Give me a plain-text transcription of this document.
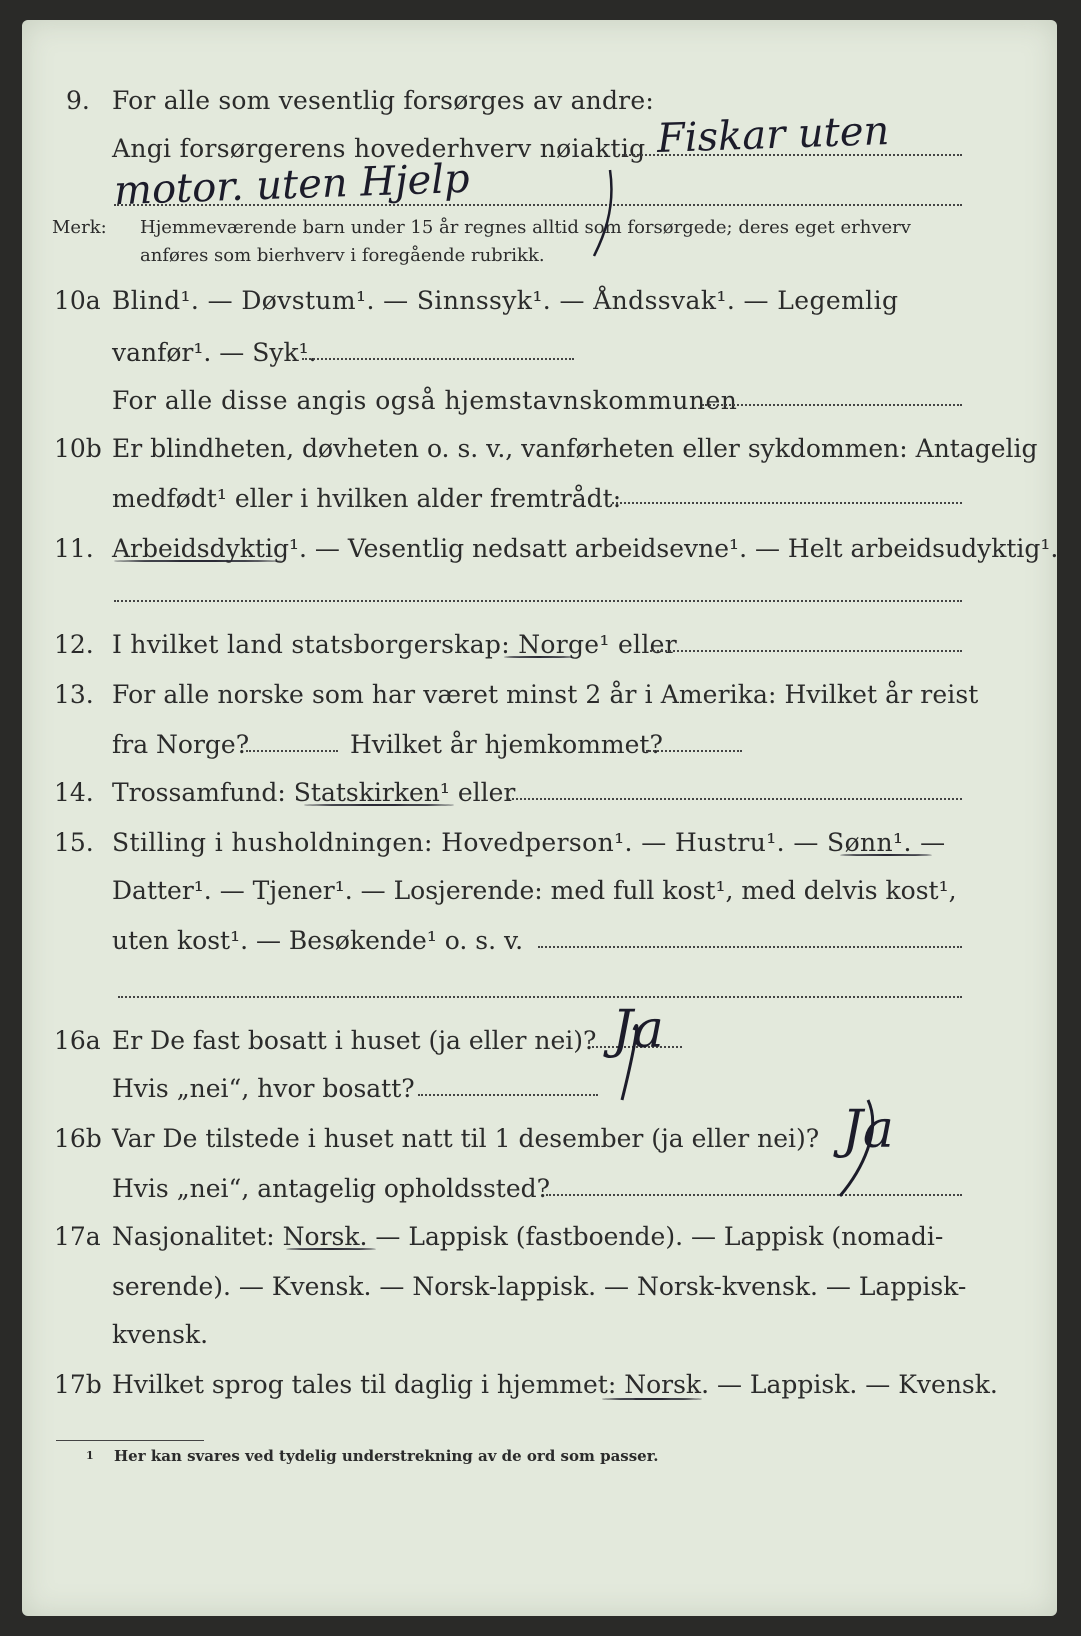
9. For alle som vesentlig forsørges av andre:
Angi forsørgerens hovederhverv nøiaktig Fiskar uten
motor. uten Hjelp
Merk: Hjemmeværende barn under 15 år regnes alltid som forsørgede; deres eget erhverv
anføres som bierhverv i foregående rubrikk.
10a Blind¹. — Døvstum¹. — Sinnssyk¹. — Åndssvak¹. — Legemlig
vanfør¹. — Syk¹.
For alle disse angis også hjemstavnskommunen
10b Er blindheten, døvheten o. s. v., vanførheten eller sykdommen: Antagelig
medfødt¹ eller i hvilken alder fremtrådt:
11. Arbeidsdyktig¹. — Vesentlig nedsatt arbeidsevne¹. — Helt arbeidsudyktig¹.
12. I hvilket land statsborgerskap: Norge¹ eller
13. For alle norske som har været minst 2 år i Amerika: Hvilket år reist
fra Norge?	Hvilket år hjemkommet?
14. Trossamfund: Statskirken¹ eller
15. Stilling i husholdningen: Hovedperson¹. — Hustru¹. — Sønn¹. —
Datter¹. — Tjener¹. — Losjerende: med full kost¹, med delvis kost¹,
uten kost¹. — Besøkende¹ o. s. v.
16a Er De fast bosatt i huset (ja eller nei)? Ja
Hvis „nei“, hvor bosatt?
16b Var De tilstede i huset natt til 1 desember (ja eller nei)? Ja
Hvis „nei“, antagelig opholdssted?
17a Nasjonalitet: Norsk. — Lappisk (fastboende). — Lappisk (nomadi-
serende). — Kvensk. — Norsk-lappisk. — Norsk-kvensk. — Lappisk-
kvensk.
17b Hvilket sprog tales til daglig i hjemmet: Norsk. — Lappisk. — Kvensk.
1 Her kan svares ved tydelig understrekning av de ord som passer.
